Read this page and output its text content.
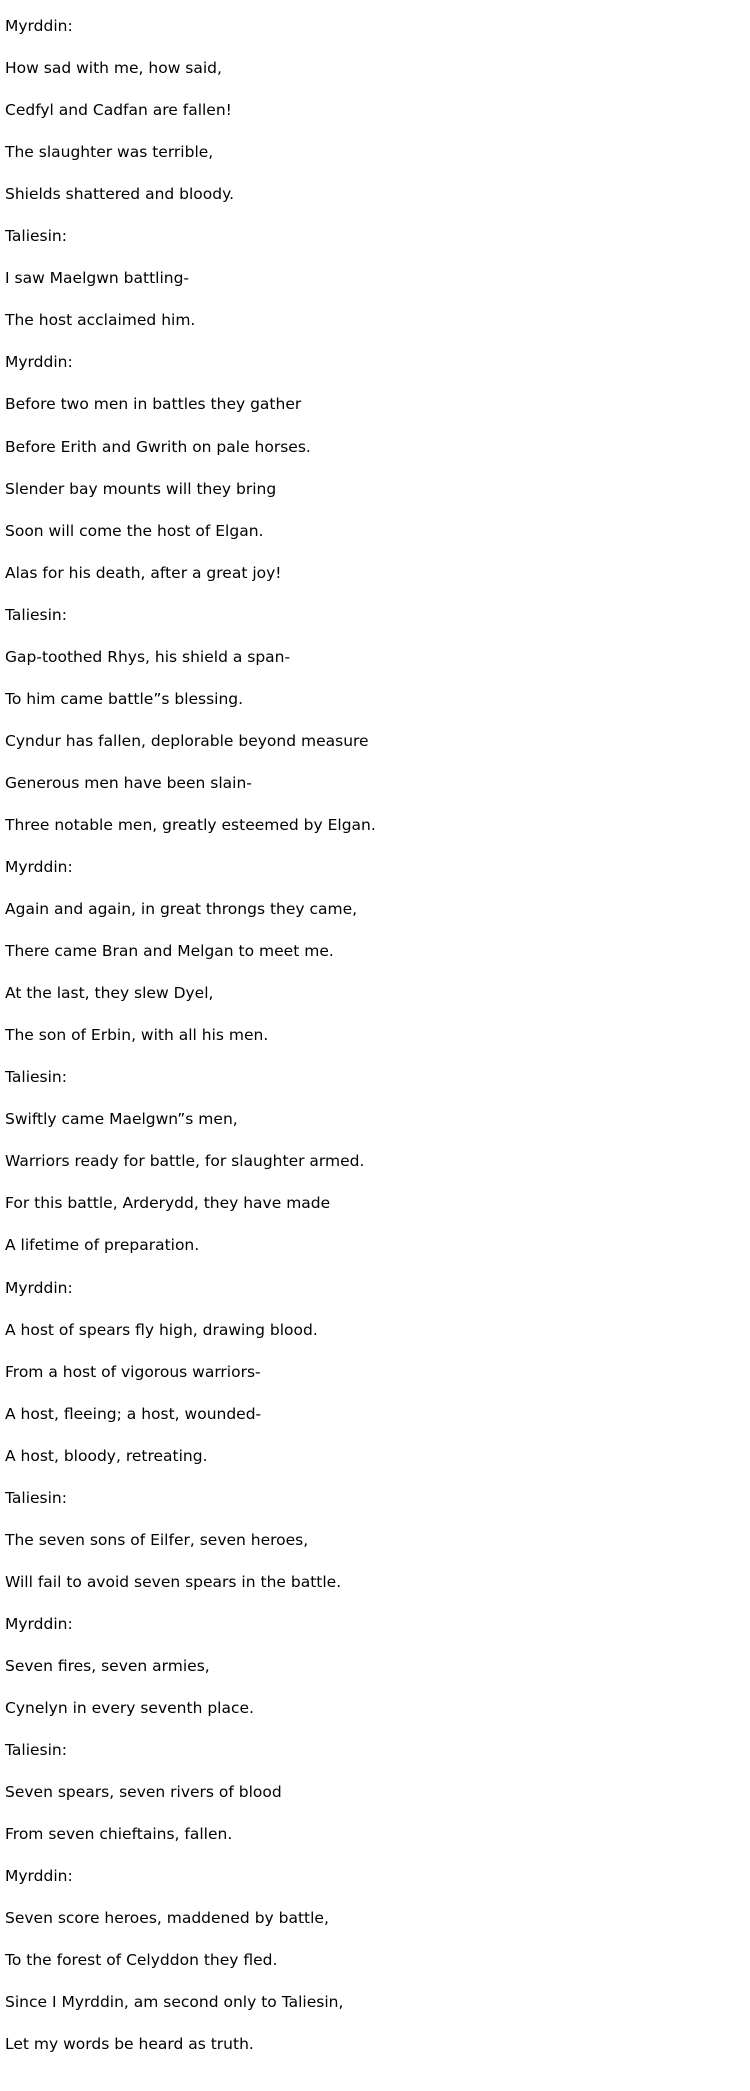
Myrddin:

How sad with me, how said,

Cedfyl and Cadfan are fallen!

The slaughter was terrible,

Shields shattered and bloody.

Taliesin:

I saw Maelgwn battling-

The host acclaimed him.

Myrddin:

Before two men in battles they gather

Before Erith and Gwrith on pale horses.

Slender bay mounts will they bring

Soon will come the host of Elgan.

Alas for his death, after a great joy!

Taliesin:

Gap-toothed Rhys, his shield a span-

To him came battle”s blessing.

Cyndur has fallen, deplorable beyond measure

Generous men have been slain-

Three notable men, greatly esteemed by Elgan.

Myrddin:

Again and again, in great throngs they came,

There came Bran and Melgan to meet me.

At the last, they slew Dyel,

The son of Erbin, with all his men.

Taliesin:

Swiftly came Maelgwn”s men,

Warriors ready for battle, for slaughter armed.

For this battle, Arderydd, they have made

A lifetime of preparation.

Myrddin:

A host of spears fly high, drawing blood.

From a host of vigorous warriors-

A host, fleeing; a host, wounded-

A host, bloody, retreating.

Taliesin:

The seven sons of Eilfer, seven heroes,

Will fail to avoid seven spears in the battle.

Myrddin:

Seven fires, seven armies,

Cynelyn in every seventh place.

Taliesin:

Seven spears, seven rivers of blood

From seven chieftains, fallen.

Myrddin:

Seven score heroes, maddened by battle,

To the forest of Celyddon they fled.

Since I Myrddin, am second only to Taliesin,

Let my words be heard as truth.
